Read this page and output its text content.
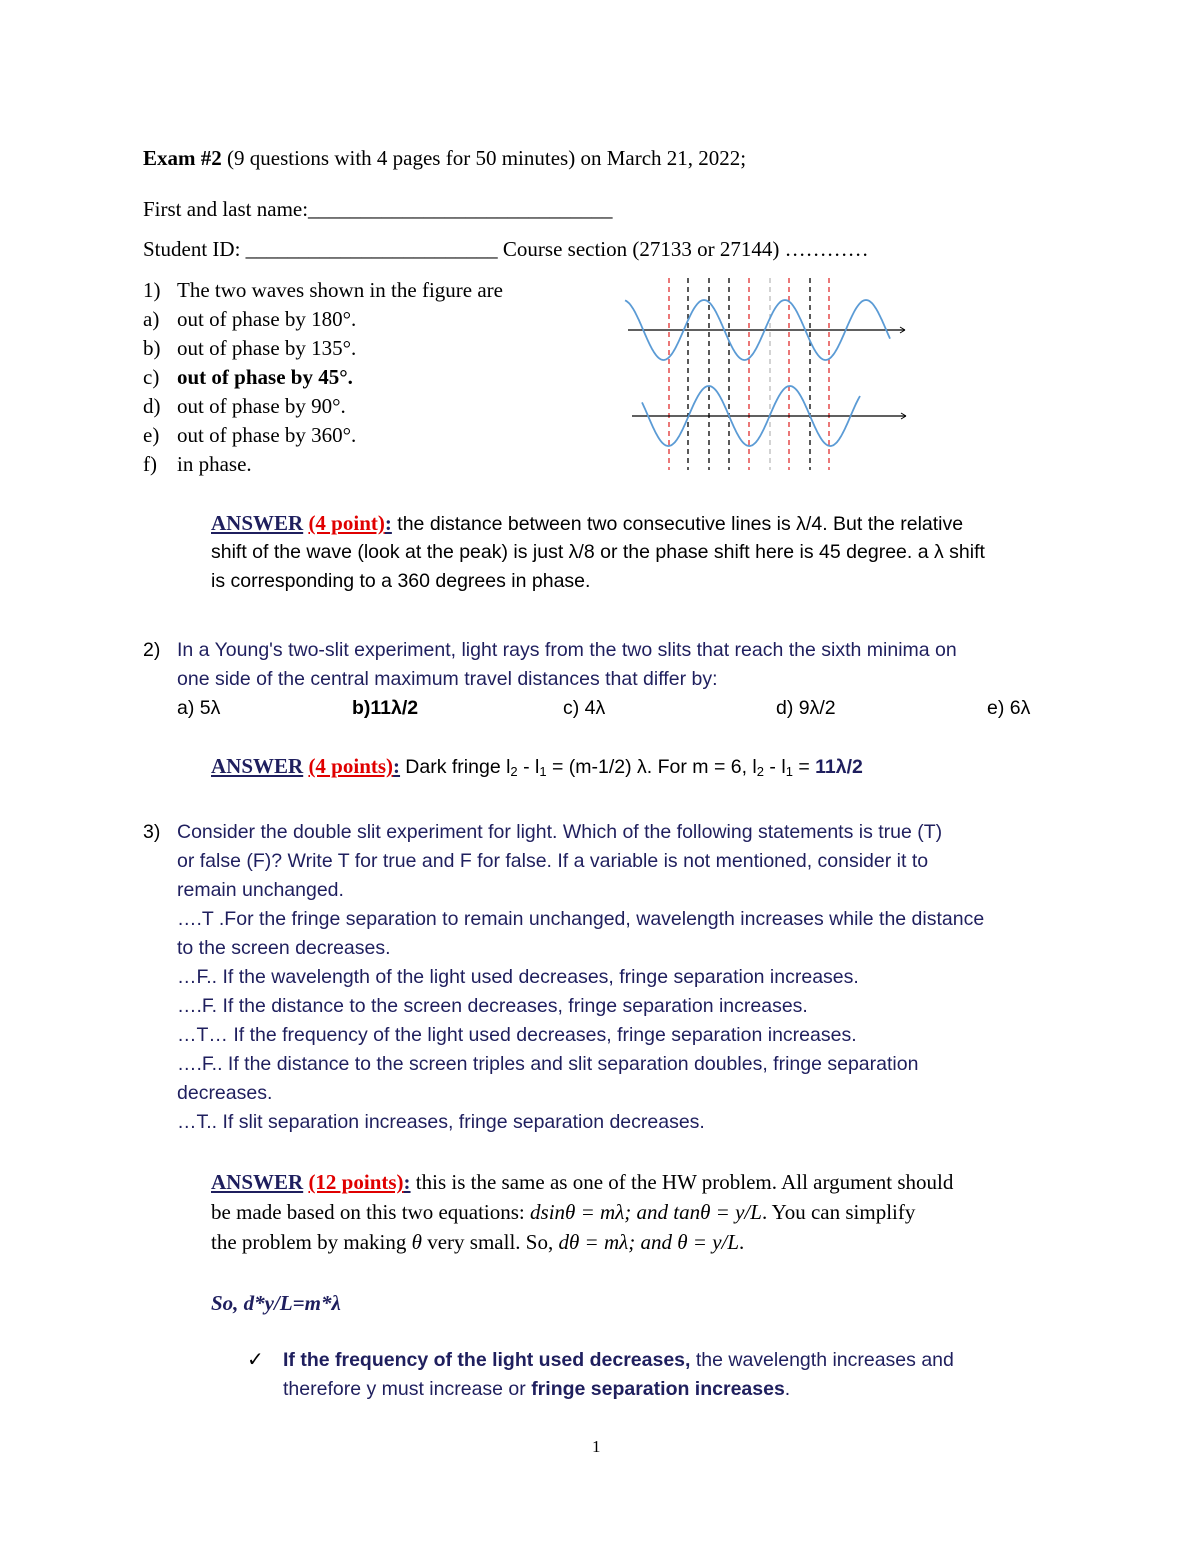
Exam #2 (9 questions with 4 pages for 50 minutes) on March 21, 2022;
First and last name:_____________________________
Student ID: ________________________ Course section (27133 or 27144) …………
1) The two waves shown in the figure are
a) out of phase by 180°.
b) out of phase by 135°.
c) out of phase by 45°.
d) out of phase by 90°.
e) out of phase by 360°.
f) in phase.
ANSWER (4 point): the distance between two consecutive lines is λ/4. But the relative
shift of the wave (look at the peak) is just λ/8 or the phase shift here is 45 degree. a λ shift
is corresponding to a 360 degrees in phase.
2) In a Young's two-slit experiment, light rays from the two slits that reach the sixth minima on
one side of the central maximum travel distances that differ by:
a) 5λ	b)11λ/2	c) 4λ	d) 9λ/2	e) 6λ
ANSWER (4 points): Dark fringe $l_2 - l_1 = (m-1/2)$ λ. For m = 6, $l_2 - l_1 = 11\lambda/2$
3) Consider the double slit experiment for light. Which of the following statements is true (T)
or false (F)? Write T for true and F for false. If a variable is not mentioned, consider it to
remain unchanged.
….T .For the fringe separation to remain unchanged, wavelength increases while the distance
to the screen decreases.
…F.. If the wavelength of the light used decreases, fringe separation increases.
….F. If the distance to the screen decreases, fringe separation increases.
…T… If the frequency of the light used decreases, fringe separation increases.
….F.. If the distance to the screen triples and slit separation doubles, fringe separation
decreases.
…T.. If slit separation increases, fringe separation decreases.
ANSWER (12 points): this is the same as one of the HW problem. All argument should
be made based on this two equations: dsinθ = mλ; and tanθ = y/L. You can simplify
the problem by making θ very small. So, dθ = mλ; and θ = y/L.
So, d*y/L=m*λ
✓ If the frequency of the light used decreases, the wavelength increases and
therefore y must increase or fringe separation increases.
1
